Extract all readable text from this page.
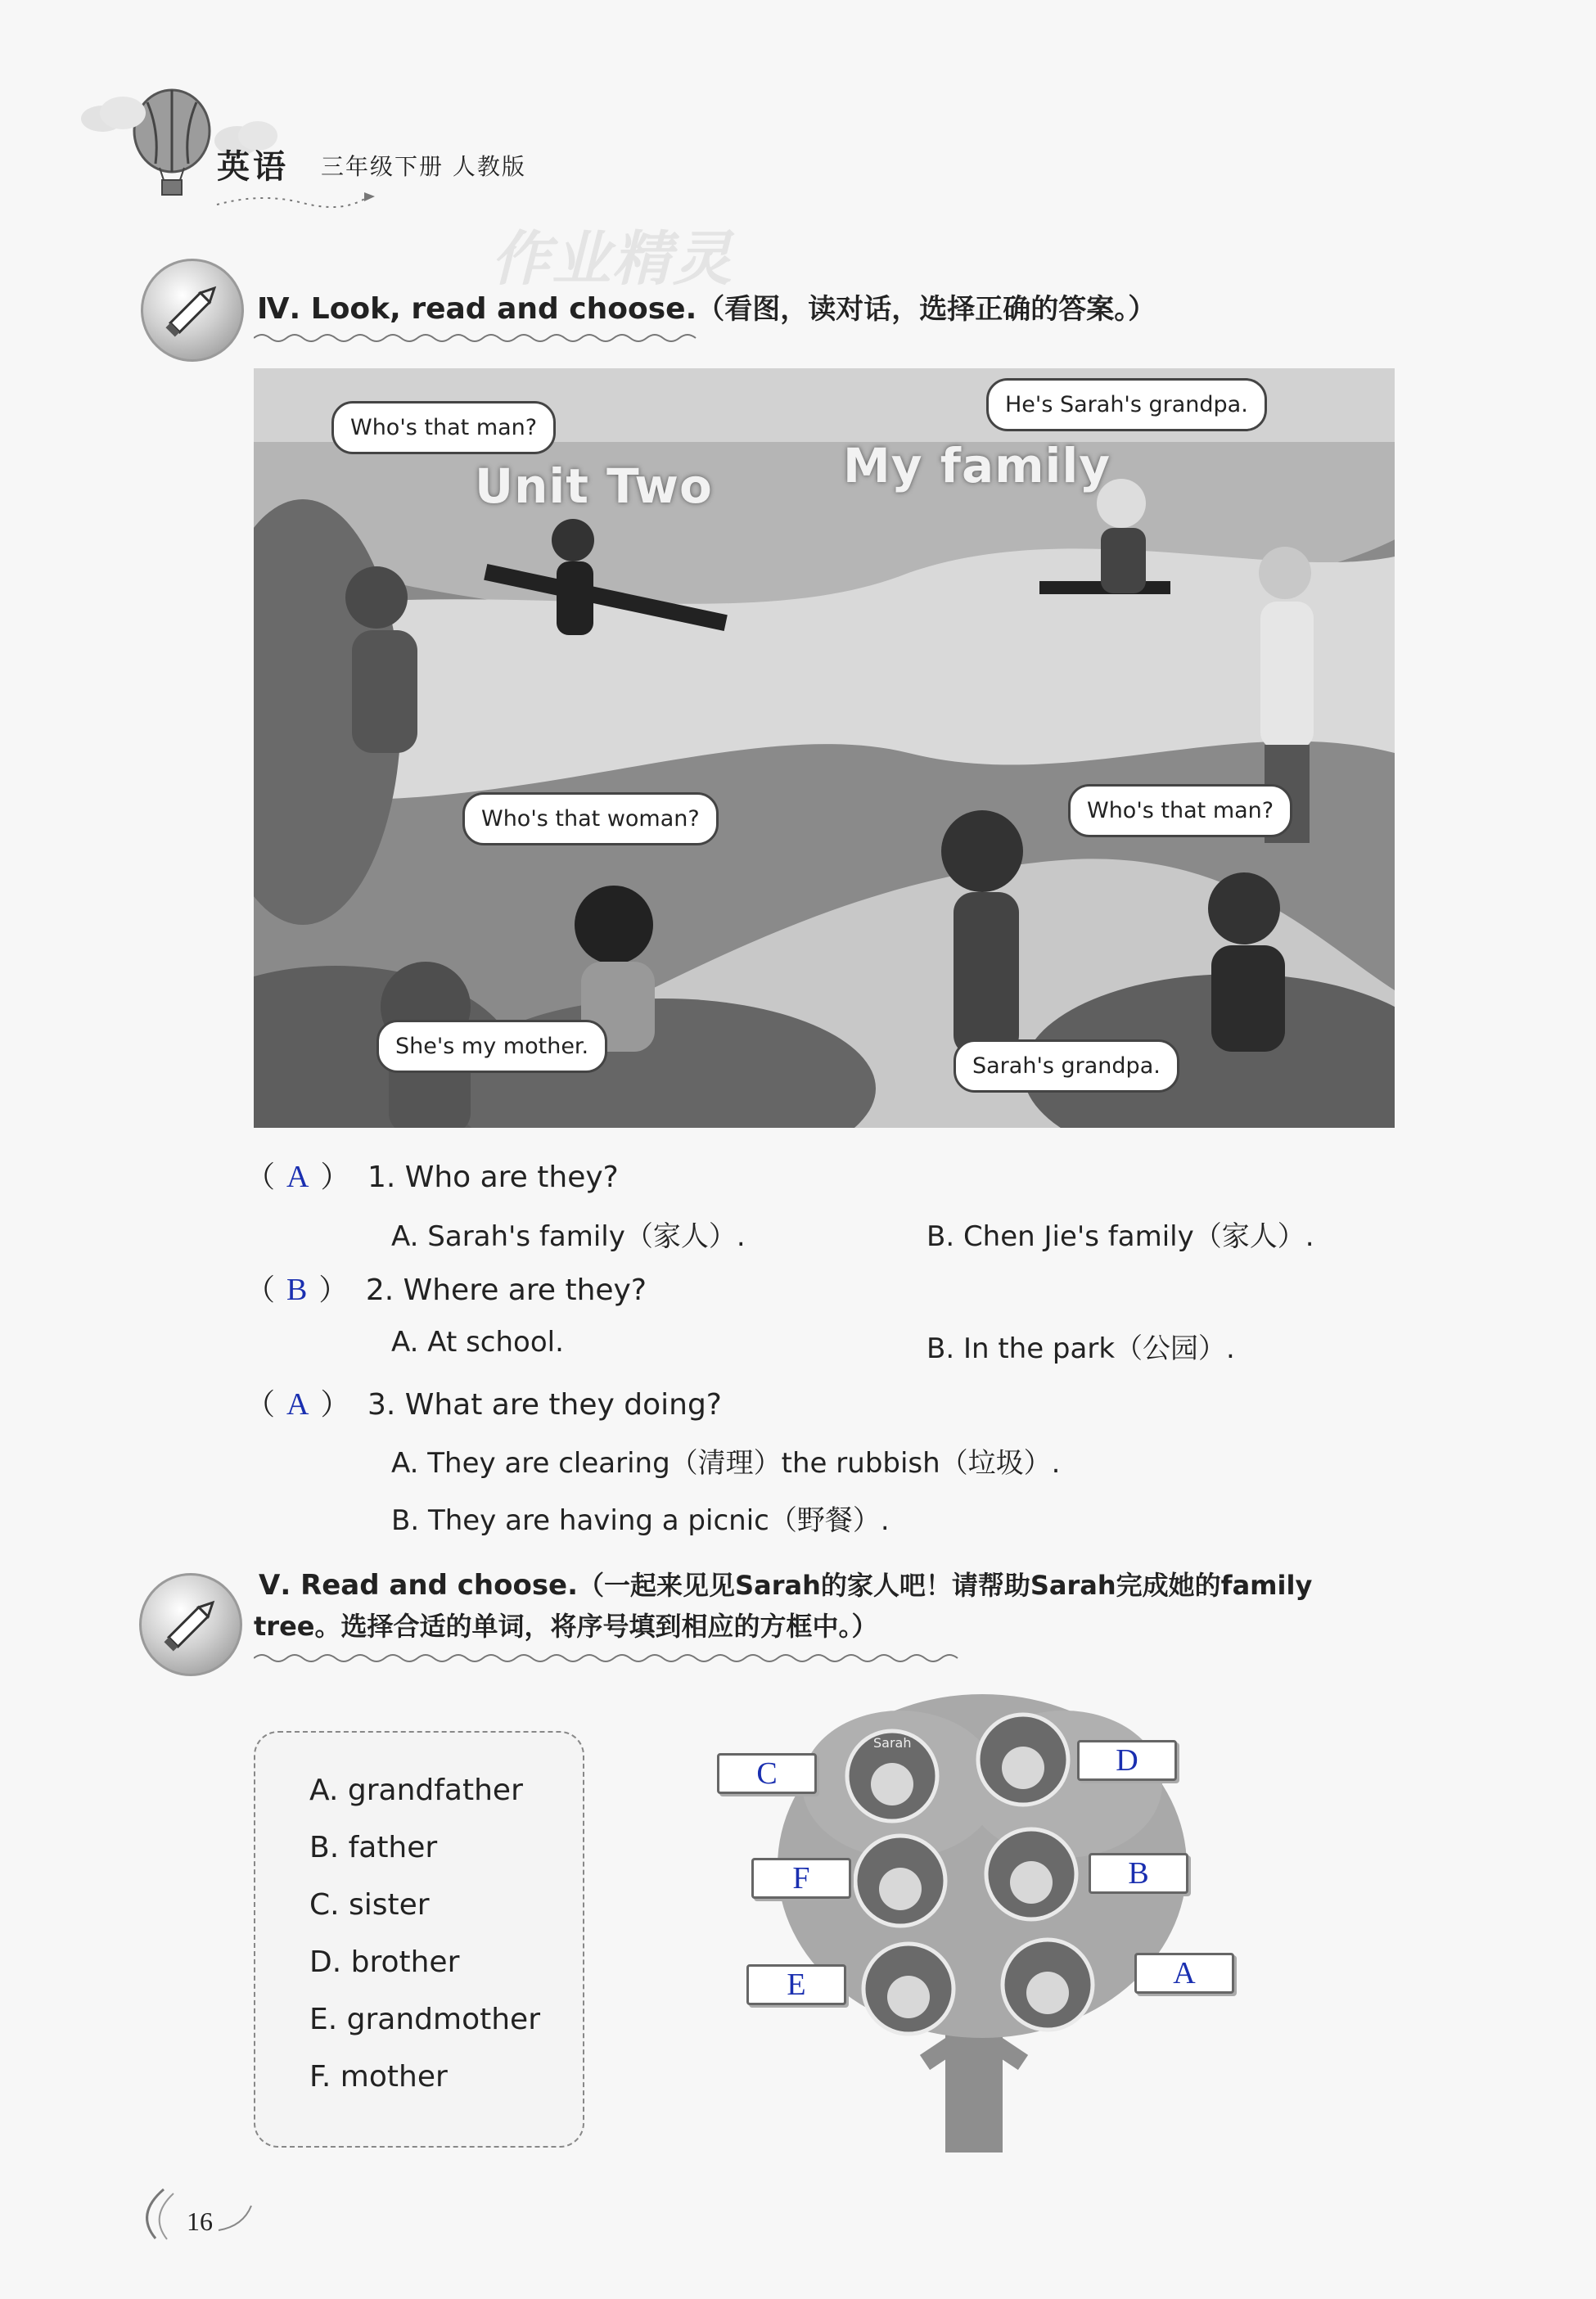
英语 三年级下册 人教版
作业精灵
Ⅳ. Look, read and choose.（看图，读对话，选择正确的答案。）
Unit Two	My family
Who's that man?
He's Sarah's grandpa.
Who's that woman?	Who's that man?
She's my mother.
Sarah's grandpa.
（ A ） 1. Who are they?
A. Sarah's family（家人）.	B. Chen Jie's family（家人）.
（ B ） 2. Where are they?
A. At school.	B. In the park（公园）.
（ A ） 3. What are they doing?
A. They are clearing（清理）the rubbish（垃圾）.
B. They are having a picnic（野餐）.
Ⅴ. Read and choose.（一起来见见Sarah的家人吧！请帮助Sarah完成她的family
tree。选择合适的单词，将序号填到相应的方框中。）
A. grandfather
B. father
C. sister
D. brother
E. grandmother
F. mother
Sarah
C	D
F	B
E	A
16
